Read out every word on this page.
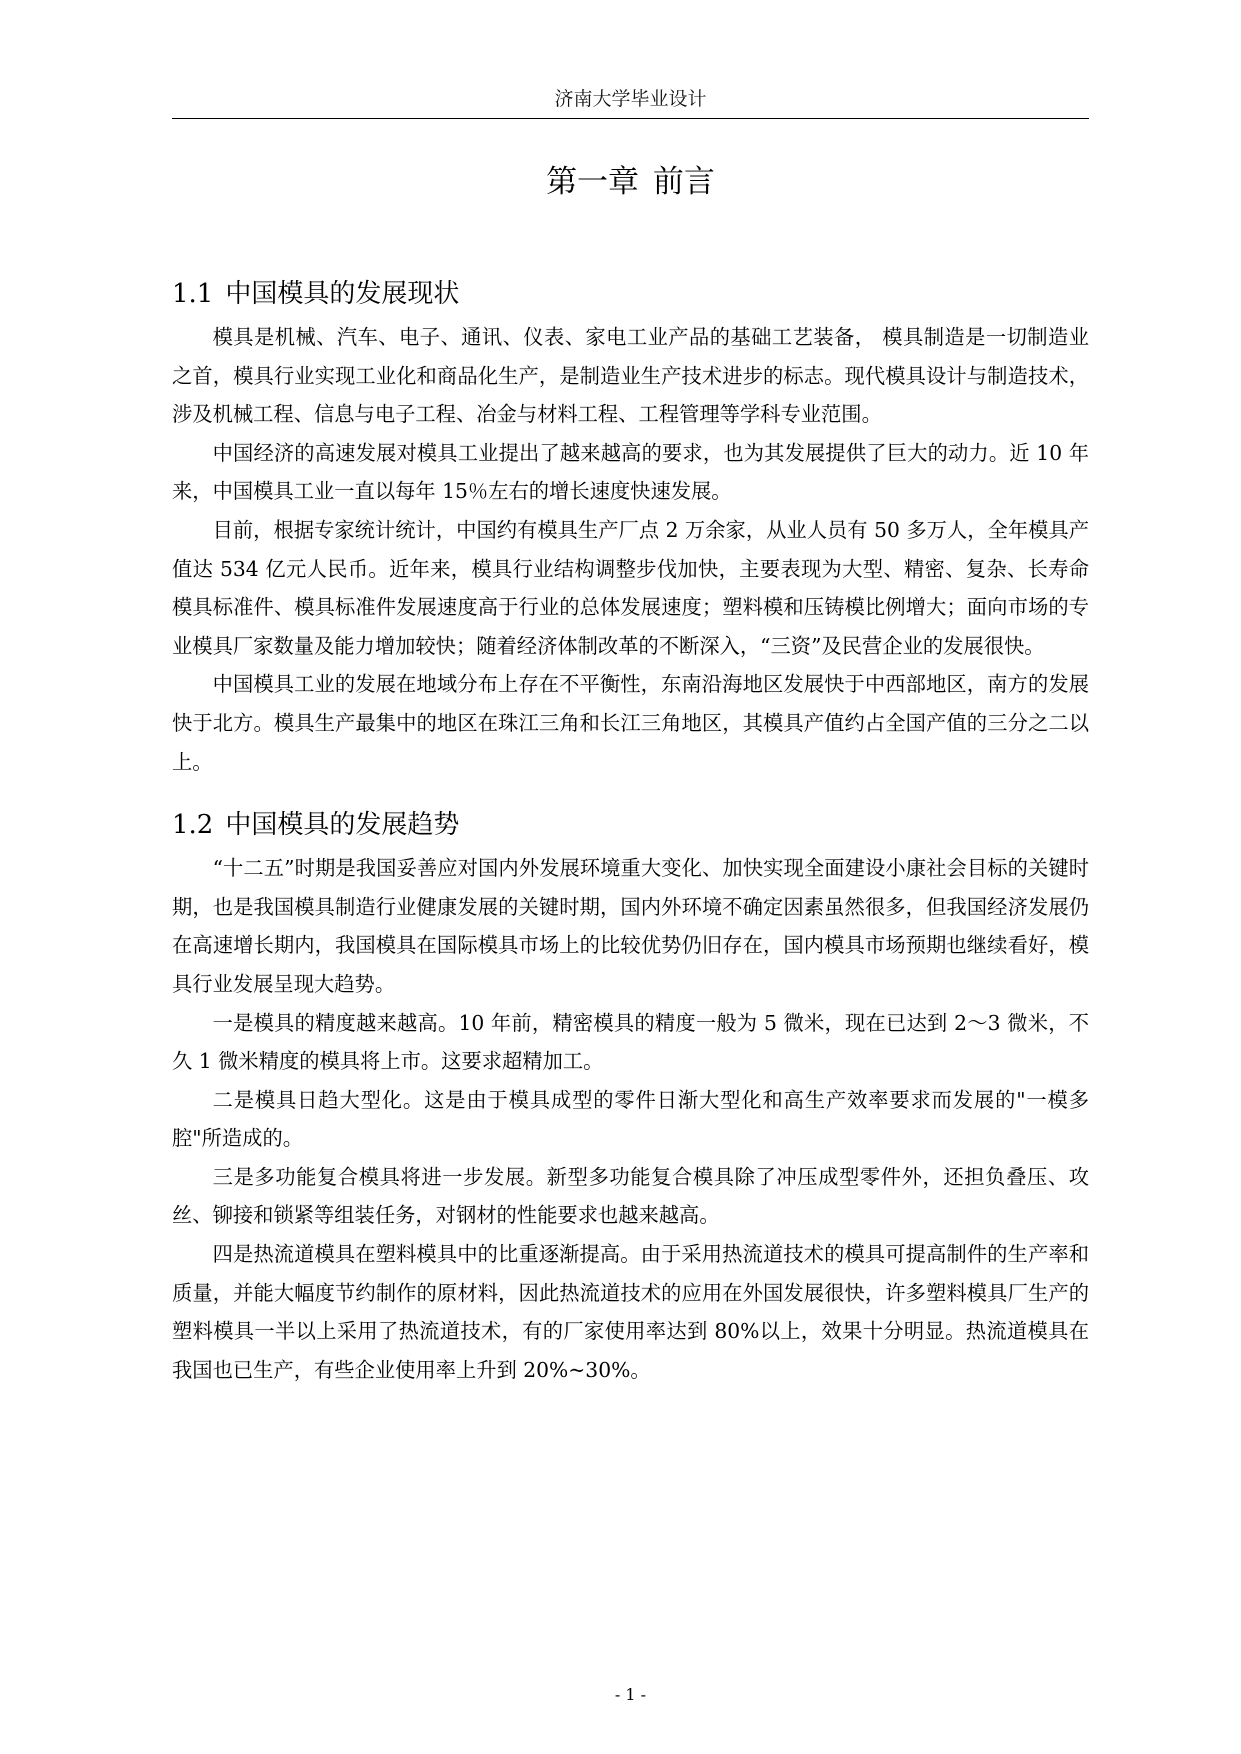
济南大学毕业设计
第一章 前言
1.1 中国模具的发展现状

模具是机械、汽车、电子、通讯、仪表、家电工业产品的基础工艺装备， 模具制造是一切制造业之首，模具行业实现工业化和商品化生产，是制造业生产技术进步的标志。现代模具设计与制造技术，涉及机械工程、信息与电子工程、冶金与材料工程、工程管理等学科专业范围。

中国经济的高速发展对模具工业提出了越来越高的要求，也为其发展提供了巨大的动力。近 10 年来，中国模具工业一直以每年 15％左右的增长速度快速发展。

目前，根据专家统计统计，中国约有模具生产厂点 2 万余家，从业人员有 50 多万人，全年模具产值达 534 亿元人民币。近年来，模具行业结构调整步伐加快，主要表现为大型、精密、复杂、长寿命模具标准件、模具标准件发展速度高于行业的总体发展速度；塑料模和压铸模比例增大；面向市场的专业模具厂家数量及能力增加较快；随着经济体制改革的不断深入，“三资”及民营企业的发展很快。

中国模具工业的发展在地域分布上存在不平衡性，东南沿海地区发展快于中西部地区，南方的发展快于北方。模具生产最集中的地区在珠江三角和长江三角地区，其模具产值约占全国产值的三分之二以上。

1.2 中国模具的发展趋势

“十二五”时期是我国妥善应对国内外发展环境重大变化、加快实现全面建设小康社会目标的关键时期，也是我国模具制造行业健康发展的关键时期，国内外环境不确定因素虽然很多，但我国经济发展仍在高速增长期内，我国模具在国际模具市场上的比较优势仍旧存在，国内模具市场预期也继续看好，模具行业发展呈现大趋势。

一是模具的精度越来越高。10 年前，精密模具的精度一般为 5 微米，现在已达到 2～3 微米，不久 1 微米精度的模具将上市。这要求超精加工。

二是模具日趋大型化。这是由于模具成型的零件日渐大型化和高生产效率要求而发展的"一模多腔"所造成的。

三是多功能复合模具将进一步发展。新型多功能复合模具除了冲压成型零件外，还担负叠压、攻丝、铆接和锁紧等组装任务，对钢材的性能要求也越来越高。

四是热流道模具在塑料模具中的比重逐渐提高。由于采用热流道技术的模具可提高制件的生产率和质量，并能大幅度节约制作的原材料，因此热流道技术的应用在外国发展很快，许多塑料模具厂生产的塑料模具一半以上采用了热流道技术，有的厂家使用率达到 80%以上，效果十分明显。热流道模具在我国也已生产，有些企业使用率上升到 20%~30%。

- 1 -
